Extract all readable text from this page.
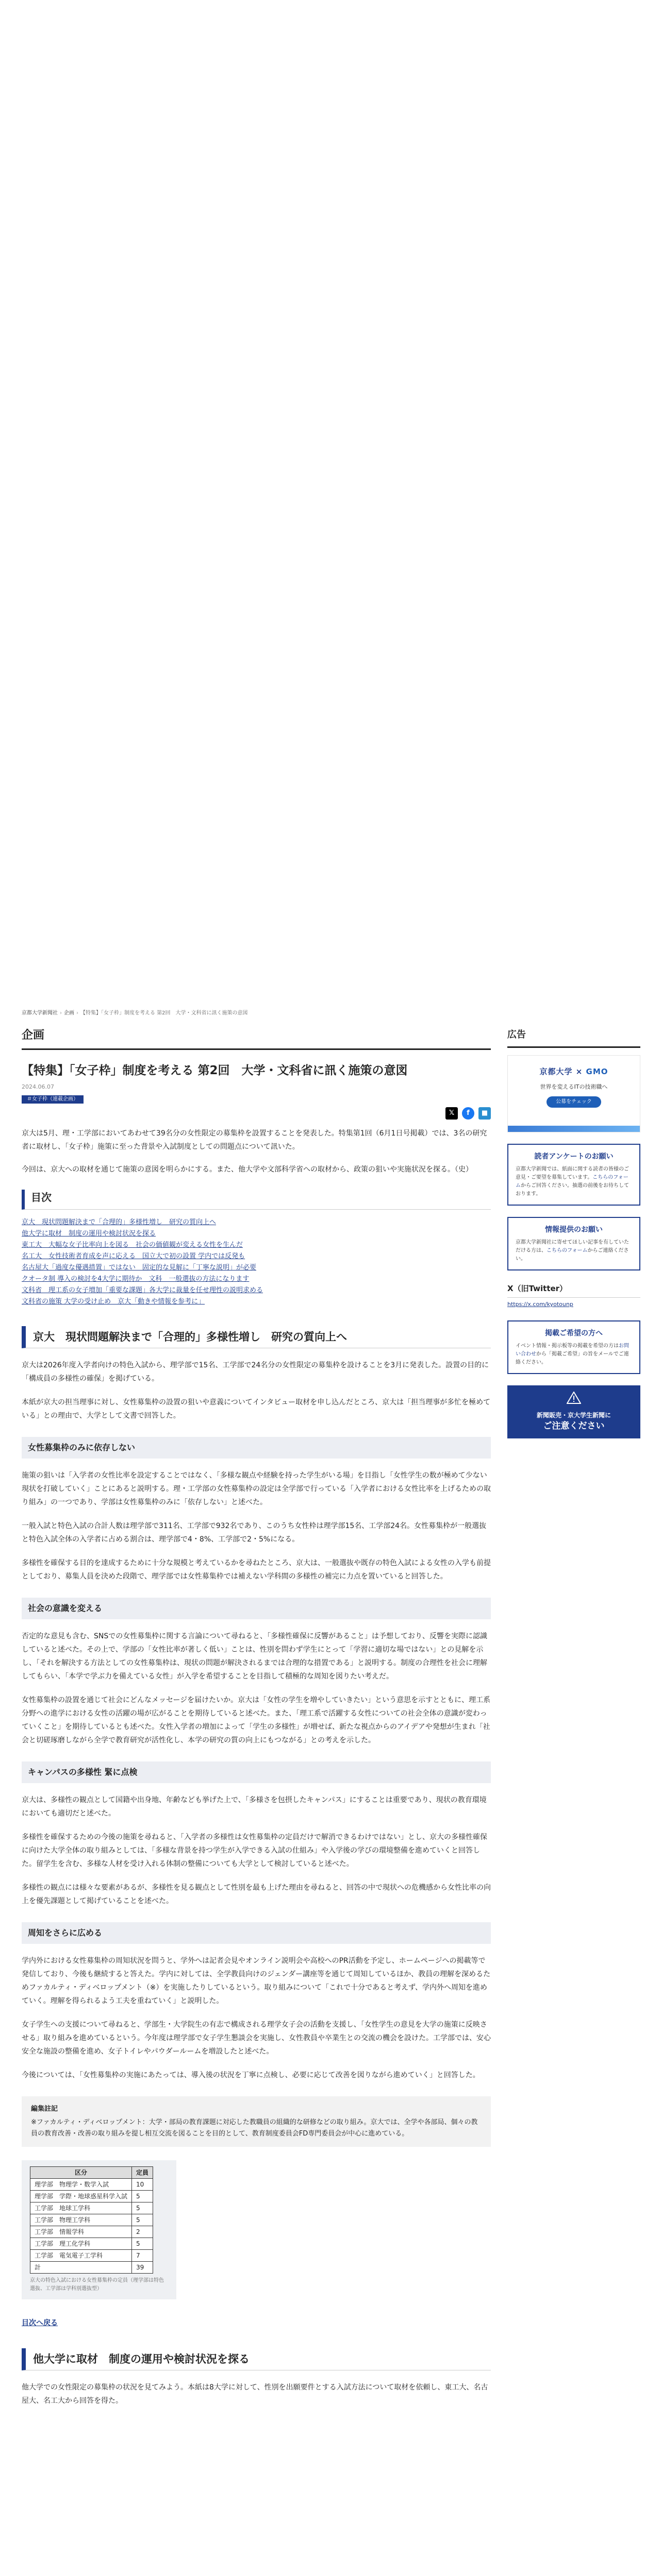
京都大学新聞社 › 企画 › 【特集】「女子枠」制度を考える 第2回　大学・文科省に訊く施策の意図
企画
【特集】「女子枠」制度を考える 第2回　大学・文科省に訊く施策の意図
2024.06.07
＃女子枠（連載企画）
𝕏	f	■

京大は5月、理・工学部においてあわせて39名分の女性限定の募集枠を設置することを発表した。特集第1回（6月1日号掲載）では、3名の研究者に取材し、「女子枠」施策に至った背景や入試制度としての問題点について訊いた。

今回は、京大への取材を通じて施策の意図を明らかにする。また、他大学や文部科学省への取材から、政策の狙いや実施状況を探る。（史）

目次
京大　現状問題解決まで「合理的」多様性増し　研究の質向上へ
他大学に取材　制度の運用や検討状況を探る
東工大　大幅な女子比率向上を図る　社会の価値観が変える女性を生んだ
名工大　女性技術者育成を声に応える　国立大で初の設置 学内では反発も
名古屋大「過度な優遇措置」ではない　固定的な見解に「丁寧な説明」が必要
クオータ制 導入の検討を4大学に期待か　文科　一般選抜の方法になります
文科省　理工系の女子増加「重要な課題」各大学に裁量を任せ理性の説明求める
文科省の施策 大学の受け止め　京大「動きや情報を参考に」
京大　現状問題解決まで「合理的」多様性増し　研究の質向上へ

京大は2026年度入学者向けの特色入試から、理学部で15名、工学部で24名分の女性限定の募集枠を設けることを3月に発表した。設置の目的に「構成員の多様性の確保」を掲げている。

本紙が京大の担当理事に対し、女性募集枠の設置の狙いや意義についてインタビュー取材を申し込んだところ、京大は「担当理事が多忙を極めている」との理由で、大学として文書で回答した。

女性募集枠のみに依存しない

施策の狙いは「入学者の女性比率を設定することではなく、「多様な観点や経験を持った学生がいる場」を目指し「女性学生の数が極めて少ない現状を打破していく」ことにあると説明する。理・工学部の女性募集枠の設定は全学部で行っている「入学者における女性比率を上げるための取り組み」の一つであり、学部は女性募集枠のみに「依存しない」と述べた。

一般入試と特色入試の合計人数は理学部で311名、工学部で932名であり、このうち女性枠は理学部15名、工学部24名。女性募集枠が一般選抜と特色入試全体の入学者に占める割合は、理学部で4・8%、工学部で2・5%になる。

多様性を確保する目的を達成するために十分な規模と考えているかを尋ねたところ、京大は、一般選抜や既存の特色入試による女性の入学も前提としており、募集人員を決めた段階で、理学部では女性募集枠では補えない学科間の多様性の補完に力点を置いていると回答した。

社会の意識を変える

否定的な意見も含む、SNSでの女性募集枠に関する言論について尋ねると、「多様性確保に反響があること」は予想しており、反響を実際に認識していると述べた。その上で、学部の「女性比率が著しく低い」ことは、性別を問わず学生にとって「学習に適切な場ではない」との見解を示し、「それを解決する方法としての女性募集枠は、現状の問題が解決されるまでは合理的な措置である」と説明する。制度の合理性を社会に理解してもらい、「本学で学ぶ力を備えている女性」が入学を希望することを目指して積極的な周知を図りたい考えだ。

女性募集枠の設置を通じて社会にどんなメッセージを届けたいか。京大は「女性の学生を増やしていきたい」という意思を示すとともに、理工系分野への進学における女性の活躍の場が広がることを期待していると述べた。また、「理工系で活躍する女性についての社会全体の意識が変わっていくこと」を期待しているとも述べた。女性入学者の増加によって「学生の多様性」が増せば、新たな視点からのアイデアや発想が生まれ「社会と切磋琢磨しながら全学で教育研究が活性化し、本学の研究の質の向上にもつながる」との考えを示した。

キャンパスの多様性 緊に点検

京大は、多様性の観点として国籍や出身地、年齢なども挙げた上で、「多様さを包摂したキャンパス」にすることは重要であり、現状の教育環境においても適切だと述べた。

多様性を確保するための今後の施策を尋ねると、「入学者の多様性は女性募集枠の定員だけで解消できるわけではない」とし、京大の多様性確保に向けた大学全体の取り組みとしては、「多様な背景を持つ学生が入学できる入試の仕組み」や入学後の学びの環境整備を進めていくと回答した。留学生を含む、多様な人材を受け入れる体制の整備についても大学として検討していると述べた。

多様性の観点には様々な要素があるが、多様性を見る観点として性別を最も上げた理由を尋ねると、回答の中で現状への危機感から女性比率の向上を優先課題として掲げていることを述べた。

周知をさらに広める

学内外における女性募集枠の周知状況を問うと、学外へは記者会見やオンライン説明会や高校へのPR活動を予定し、ホームページへの掲載等で発信しており、今後も継続すると答えた。学内に対しては、全学教員向けのジェンダー講座等を通じて周知しているほか、教員の理解を深めるためファカルティ・ディベロップメント（※）を実施したりしているという。取り組みについて「これで十分であると考えず、学内外へ周知を進めていく。理解を得られるよう工夫を重ねていく」と説明した。

女子学生への支援について尋ねると、学部生・大学院生の有志で構成される理学女子会の活動を支援し、「女性学生の意見を大学の施策に反映させる」取り組みを進めているという。今年度は理学部で女子学生懇談会を実施し、女性教員や卒業生との交流の機会を設けた。工学部では、安心安全な施設の整備を進め、女子トイレやパウダールームを増設したと述べた。

今後については、「女性募集枠の実施にあたっては、導入後の状況を丁寧に点検し、必要に応じて改善を図りながら進めていく」と回答した。

編集註記
※ファカルティ・ディベロップメント：大学・部局の教育課題に対応した教職員の組織的な研修などの取り組み。京大では、全学や各部局、個々の教員の教育改善・改善の取り組みを提し相互交流を図ることを目的として、教育制度委員会FD専門委員会が中心に進めている。
区分	定員
理学部　物理学・数学入試	10
理学部　学際・地球惑星科学入試	5
工学部　地球工学科	5
工学部　物理工学科	5
工学部　情報学科	2
工学部　理工化学科	5
工学部　電気電子工学科	7
計	39
京大の特色入試における女性募集枠の定員（理学部は特色選抜、工学部は学科別選抜型）
目次へ戻る
他大学に取材　制度の運用や検討状況を探る

他大学での女性限定の募集枠の状況を見てみよう。本紙は8大学に対して、性別を出願要件とする入試方法について取材を依頼し、東工大、名古屋大、名工大から回答を得た。

広告
京都大学 × GMO
世界を変えるITの技術職へ
公募をチェック
読者アンケートのお願い
京都大学新聞では、紙面に関する読者の皆様のご意見・ご要望を募集しています。こちらのフォームからご回答ください。抽選の前後をお待ちしております。
情報提供のお願い
京都大学新聞社に寄せてほしい記事を有していただける方は、こちらのフォームからご連絡ください。
X（旧Twitter）
https://x.com/kyotounp
掲載ご希望の方へ
イベント情報・掲示板等の掲載を希望の方はお問い合わせから「掲載ご希望」の旨をメールでご連絡ください。
新聞販売・京大学生新聞に
ご注意ください
